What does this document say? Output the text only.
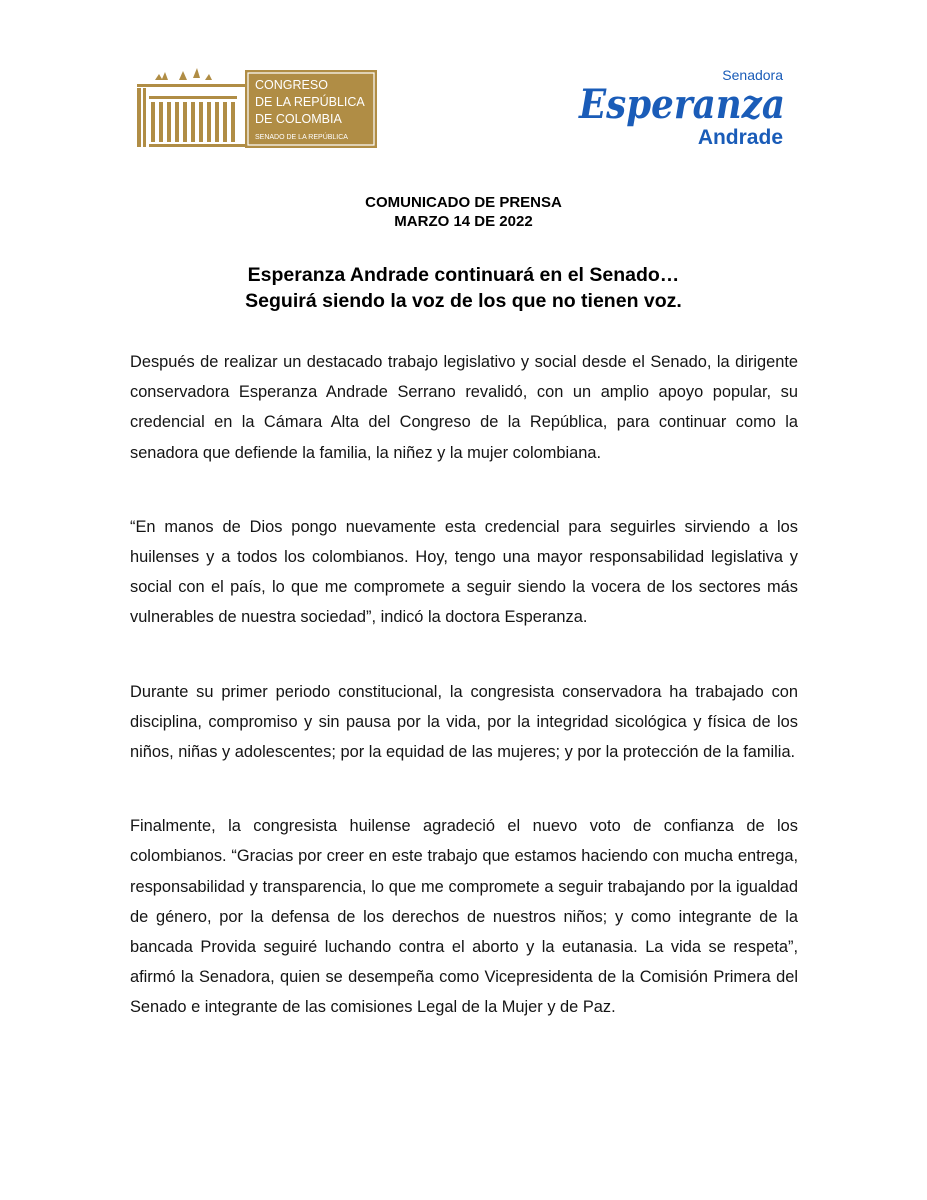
CONGRESO
DE LA REPÚBLICA
DE COLOMBIA
SENADO DE LA REPÚBLICA
Senadora
Esperanza
Andrade
COMUNICADO DE PRENSA
MARZO 14 DE 2022
Esperanza Andrade continuará en el Senado…
Seguirá siendo la voz de los que no tienen voz.

Después de realizar un destacado trabajo legislativo y social desde el Senado, la dirigente conservadora Esperanza Andrade Serrano revalidó, con un amplio apoyo popular, su credencial en la Cámara Alta del Congreso de la República, para continuar como la senadora que defiende la familia, la niñez y la mujer colombiana.

“En manos de Dios pongo nuevamente esta credencial para seguirles sirviendo a los huilenses y a todos los colombianos. Hoy, tengo una mayor responsabilidad legislativa y social con el país, lo que me compromete a seguir siendo la vocera de los sectores más vulnerables de nuestra sociedad”, indicó la doctora Esperanza.

Durante su primer periodo constitucional, la congresista conservadora ha trabajado con disciplina, compromiso y sin pausa por la vida, por la integridad sicológica y física de los niños, niñas y adolescentes; por la equidad de las mujeres; y por la protección de la familia.

Finalmente, la congresista huilense agradeció el nuevo voto de confianza de los colombianos. “Gracias por creer en este trabajo que estamos haciendo con mucha entrega, responsabilidad y transparencia, lo que me compromete a seguir trabajando por la igualdad de género, por la defensa de los derechos de nuestros niños; y como integrante de la bancada Provida seguiré luchando contra el aborto y la eutanasia. La vida se respeta”, afirmó la Senadora, quien se desempeña como Vicepresidenta de la Comisión Primera del Senado e integrante de las comisiones Legal de la Mujer y de Paz.
